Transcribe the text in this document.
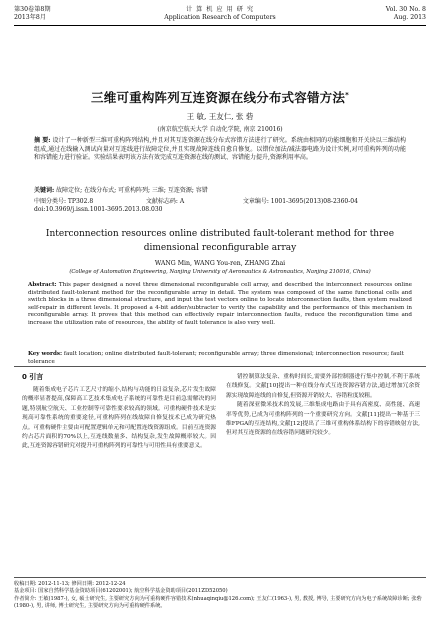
第30卷第8期
2013年8月
计 算 机 应 用 研 究
Application Research of Computers
Vol. 30 No. 8
Aug. 2013
三维可重构阵列互连资源在线分布式容错方法*
王 敏, 王友仁, 张 砦
(南京航空航天大学 自动化学院, 南京 210016)
摘 要: 设计了一种新型三维可重构阵列结构,并且对其互连资源在线分布式容错方法进行了研究。系统由相同的功能细胞和开关块以三维结构组成,通过在线输入测试向量对互连线进行故障定位,并且实现故障连线自愈自修复。以错位加法/减法器电路为设计实例,对可重构阵列的功能和容错能力进行验证。实验结果表明该方法有效完成互连资源在线的测试、容错能力提升,资源利用率高。
关键词: 故障定位; 在线分布式; 可重构阵列; 三维; 互连资源; 容错
中图分类号: TP302.8	文献标志码: A	文章编号: 1001-3695(2013)08-2360-04
doi:10.3969/j.issn.1001-3695.2013.08.030
Interconnection resources online distributed fault-tolerant method for three dimensional reconfigurable array
WANG Min, WANG You-ren, ZHANG Zhai
(College of Automation Engineering, Nanjing University of Aeronautics & Astronautics, Nanjing 210016, China)
Abstract: This paper designed a novel three dimensional reconfigurable cell array, and described the interconnect resources online distributed fault-tolerant method for the reconfigurable array in detail. The system was composed of the same functional cells and switch blocks in a three dimensional structure, and input the test vectors online to locate interconnection faults, then system realized self-repair in different levels. It proposed a 4-bit adder/subtracter to verify the capability and the performance of this mechanism in reconfigurable array. It proves that this method can effectively repair interconnection faults, reduce the reconfiguration time and increase the utilization rate of resources, the ability of fault tolerance is also very well.
Key words: fault location; online distributed fault-tolerant; reconfigurable array; three dimensional; interconnection resource; fault tolerance
0 引言
随着集成电子芯片工艺尺寸的缩小,结构与功能的日益复杂,芯片发生故障的概率显著提高,保障高工艺技术集成电子系统的可靠性是目前急需解决的问题,特别航空航天、工业控制等可靠性要求较高的领域。可重构硬件技术是实现高可靠性系统的重要途径,可重构阵列在线故障自修复技术已成为研究热点。可重构硬件主要由可配置逻辑单元和可配置连线资源组成。目前互连资源约占芯片面积的70%以上,互连线数量多、结构复杂,发生故障概率较大。因此,互连资源容错研究对提升可重构阵列的可靠性与可用性具有重要意义。
错控制算法复杂、重构时间长,需要外部控制器进行集中控制,不利于系统在线修复。文献[10]提出一种在线分布式互连资源容错方法,通过增加冗余资源实现故障连线的自修复,但资源开销较大、容错粒度较粗。
随着深亚微米技术的发展,三维集成电路由于具有高密度、高性能、高速率等优势,已成为可重构阵列的一个重要研究方向。文献[11]提出一种基于三维FPGA的互连结构,文献[12]提出了三维可重构体系结构下的容错映射方法,但对其互连资源的在线容错问题研究较少。
收稿日期: 2012-11-13; 修回日期: 2012-12-24
基金项目: 国家自然科学基金资助项目(61202001); 航空科学基金资助项目(2011ZD52050)
作者简介: 王敏(1987-), 女, 硕士研究生, 主要研究方向为可重构硬件容错技术(nhuaqinqiu@126.com); 王友仁(1963-), 男, 教授, 博导, 主要研究方向为电子系统故障诊断; 张砦(1980-), 男, 讲师, 博士研究生, 主要研究方向为可重构硬件系统。
